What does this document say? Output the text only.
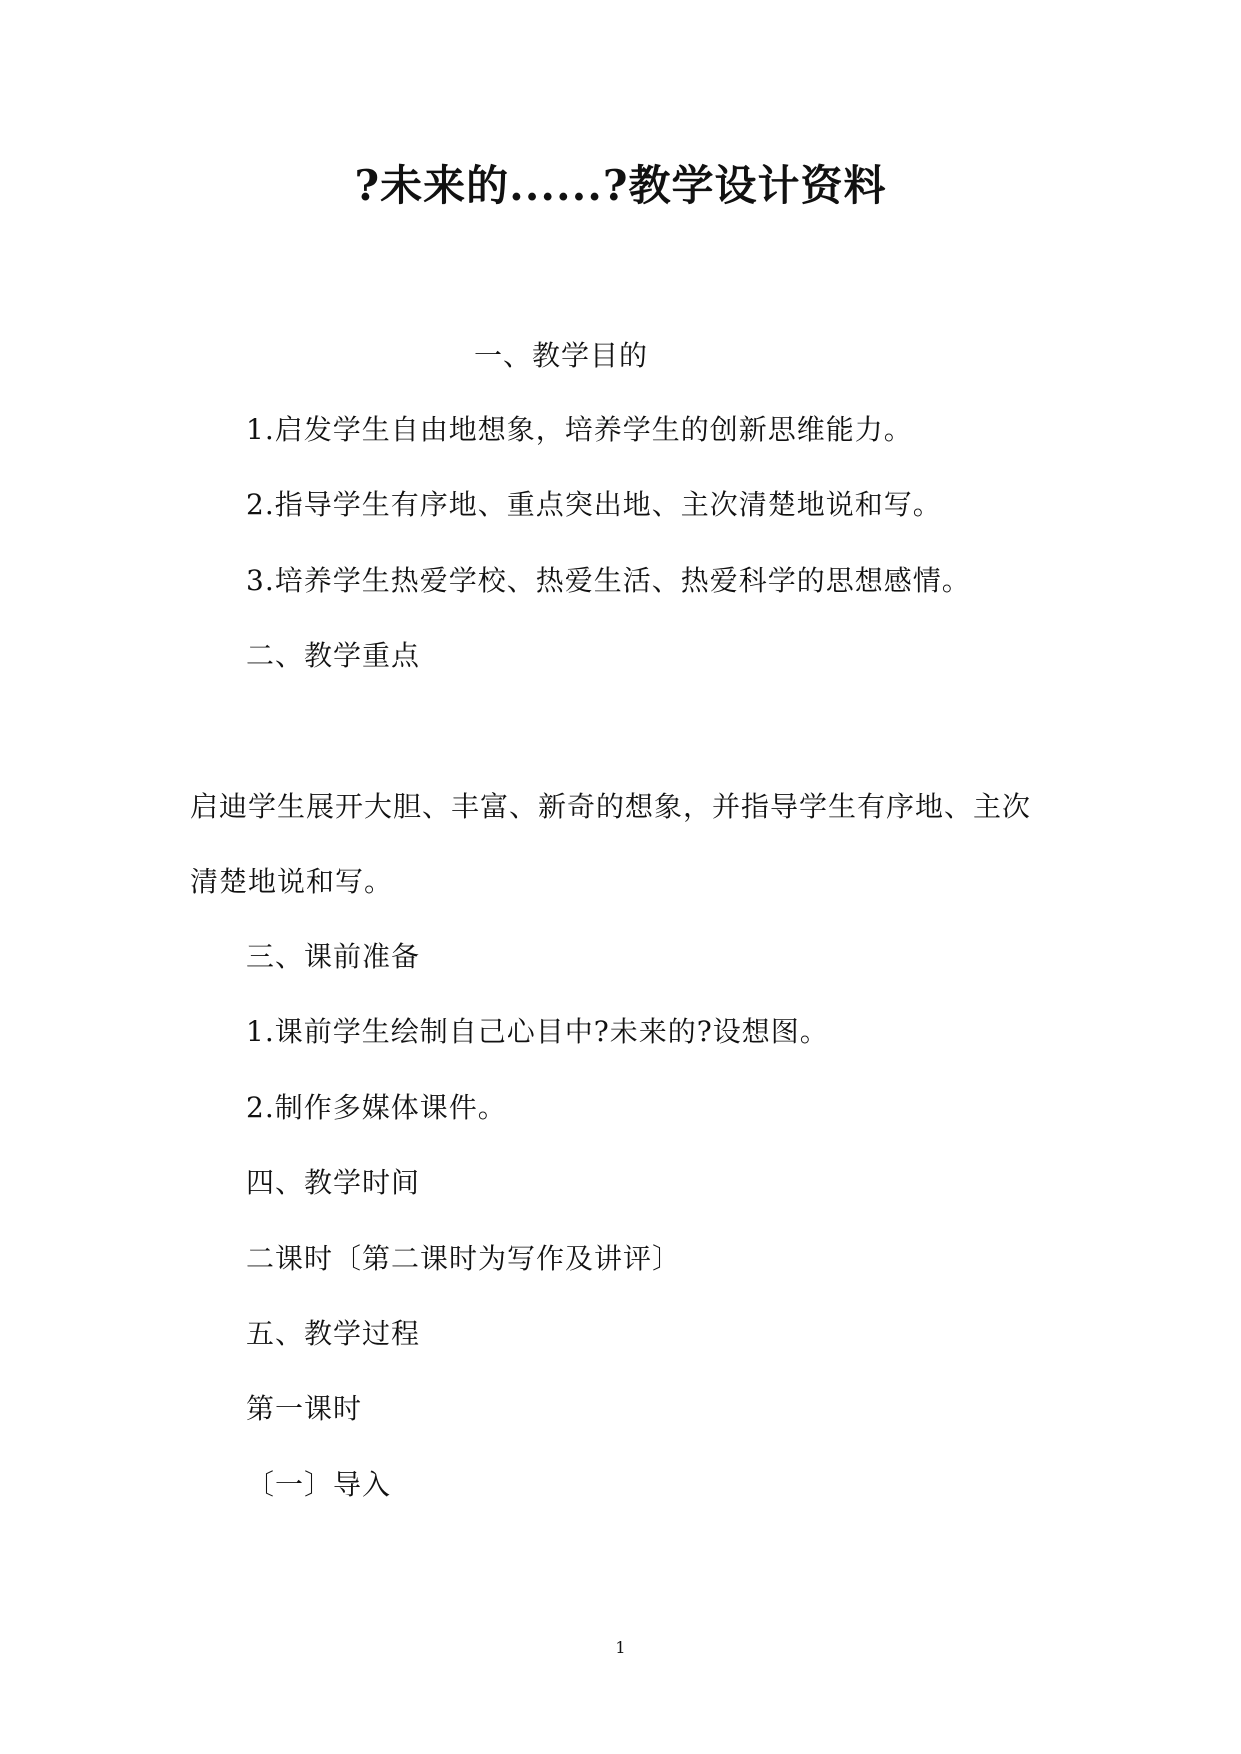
?未来的......?教学设计资料
一、教学目的
1.启发学生自由地想象，培养学生的创新思维能力。
2.指导学生有序地、重点突出地、主次清楚地说和写。
3.培养学生热爱学校、热爱生活、热爱科学的思想感情。
二、教学重点
启迪学生展开大胆、丰富、新奇的想象，并指导学生有序地、主次
清楚地说和写。
三、课前准备
1.课前学生绘制自己心目中?未来的?设想图。
2.制作多媒体课件。
四、教学时间
二课时〔第二课时为写作及讲评〕
五、教学过程
第一课时
〔一〕导入
1
